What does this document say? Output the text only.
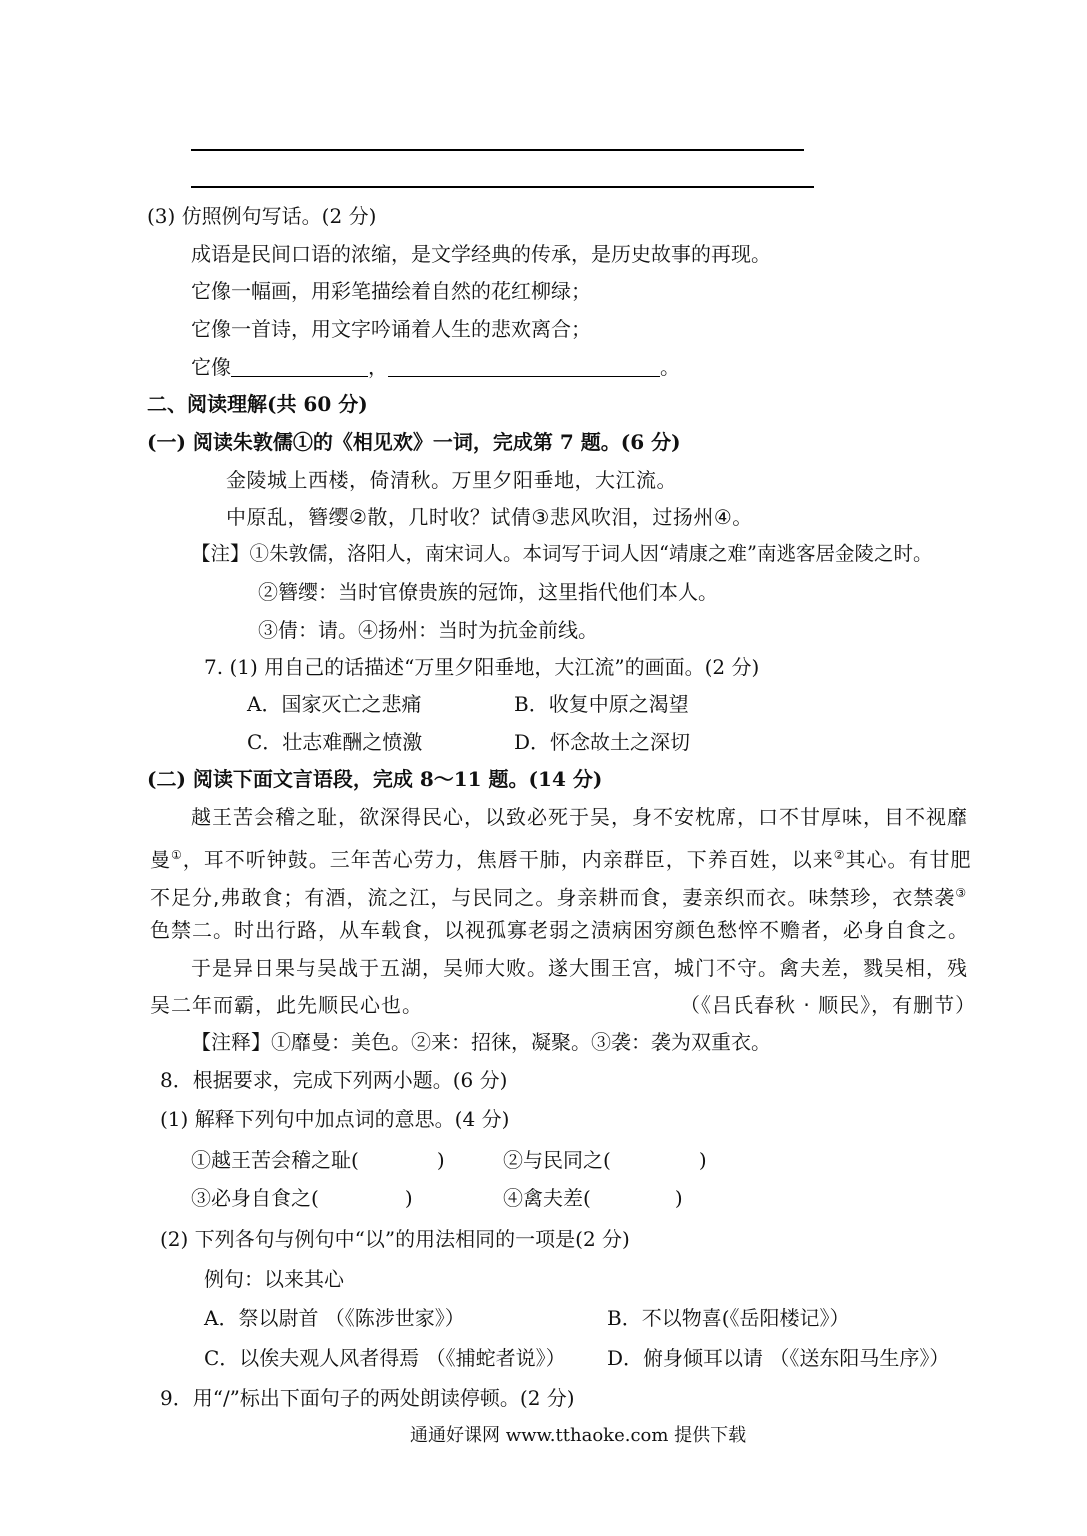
(3) 仿照例句写话。(2 分)
成语是民间口语的浓缩，是文学经典的传承，是历史故事的再现。
它像一幅画，用彩笔描绘着自然的花红柳绿；
它像一首诗，用文字吟诵着人生的悲欢离合；
它像	，	。
二、阅读理解(共 60 分)
(一) 阅读朱敦儒①的《相见欢》一词，完成第 7 题。(6 分)
金陵城上西楼，倚清秋。万里夕阳垂地，大江流。
中原乱，簪缨②散，几时收？试倩③悲风吹泪，过扬州④。
【注】①朱敦儒，洛阳人，南宋词人。本词写于词人因“靖康之难”南逃客居金陵之时。
②簪缨：当时官僚贵族的冠饰，这里指代他们本人。
③倩：请。④扬州：当时为抗金前线。
7. (1) 用自己的话描述“万里夕阳垂地，大江流”的画面。(2 分)
A．国家灭亡之悲痛	B．收复中原之渴望
C．壮志难酬之愤激	D．怀念故土之深切
(二) 阅读下面文言语段，完成 8～11 题。(14 分)
越王苦会稽之耻，欲深得民心，以致必死于吴，身不安枕席，口不甘厚味，目不视靡
曼①，耳不听钟鼓。三年苦心劳力，焦唇干肺，内亲群臣，下养百姓，以来②其心。有甘肥
不足分,弗敢食；有酒，流之江，与民同之。身亲耕而食，妻亲织而衣。味禁珍，衣禁袭③
色禁二。时出行路，从车载食，以视孤寡老弱之渍病困穷颜色愁悴不赡者，必身自食之。
于是异日果与吴战于五湖，吴师大败。遂大围王宫，城门不守。禽夫差，戮吴相，残
吴二年而霸，此先顺民心也。	（《吕氏春秋 · 顺民》，有删节）
【注释】①靡曼：美色。②来：招徕，凝聚。③袭：袭为双重衣。
8．根据要求，完成下列两小题。(6 分)
(1) 解释下列句中加点词的意思。(4 分)
①越王苦会稽之耻(	)	②与民同之(	)
③必身自食之(	)	④禽夫差(	)
(2) 下列各句与例句中“以”的用法相同的一项是(2 分)
例句：以来其心
A．祭以尉首 （《陈涉世家》）	B．不以物喜(《岳阳楼记》）
C．以俟夫观人风者得焉 （《捕蛇者说》） D．俯身倾耳以请 （《送东阳马生序》）
9．用“/”标出下面句子的两处朗读停顿。(2 分)
通通好课网 www.tthaoke.com 提供下载
